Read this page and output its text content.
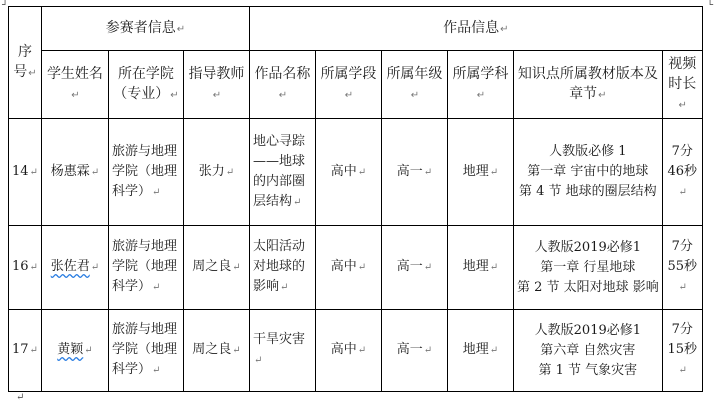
┘	└
序号↵	参赛者信息↵			作品信息↵					
	学生姓名↵	所在学院（专业）↵	指导教师↵	作品名称↵	所属学段↵	所属年级↵	所属学科↵	知识点所属教材版本及章节↵	视频时长↵
14↵	杨惠霖↵	旅游与地理学院（地理科学）↵	张力↵	地心寻踪——地球的内部圈层结构↵	高中↵	高一↵	地理↵	人教版必修 1
第一章 宇宙中的地球
第 4 节 地球的圈层结构	7分46秒↵
16↵	张佐君↵	旅游与地理学院（地理科学）↵	周之良↵	太阳活动对地球的影响↵	高中↵	高一↵	地理↵	人教版2019必修1
第一章 行星地球
第 2 节 太阳对地球 影响	7分55秒↵
17↵	黄颖↵	旅游与地理学院（地理科学）↵	周之良↵	干旱灾害↵	高中↵	高一↵	地理↵	人教版2019必修1
第六章 自然灾害
第 1 节 气象灾害	7分15秒↵
↵
